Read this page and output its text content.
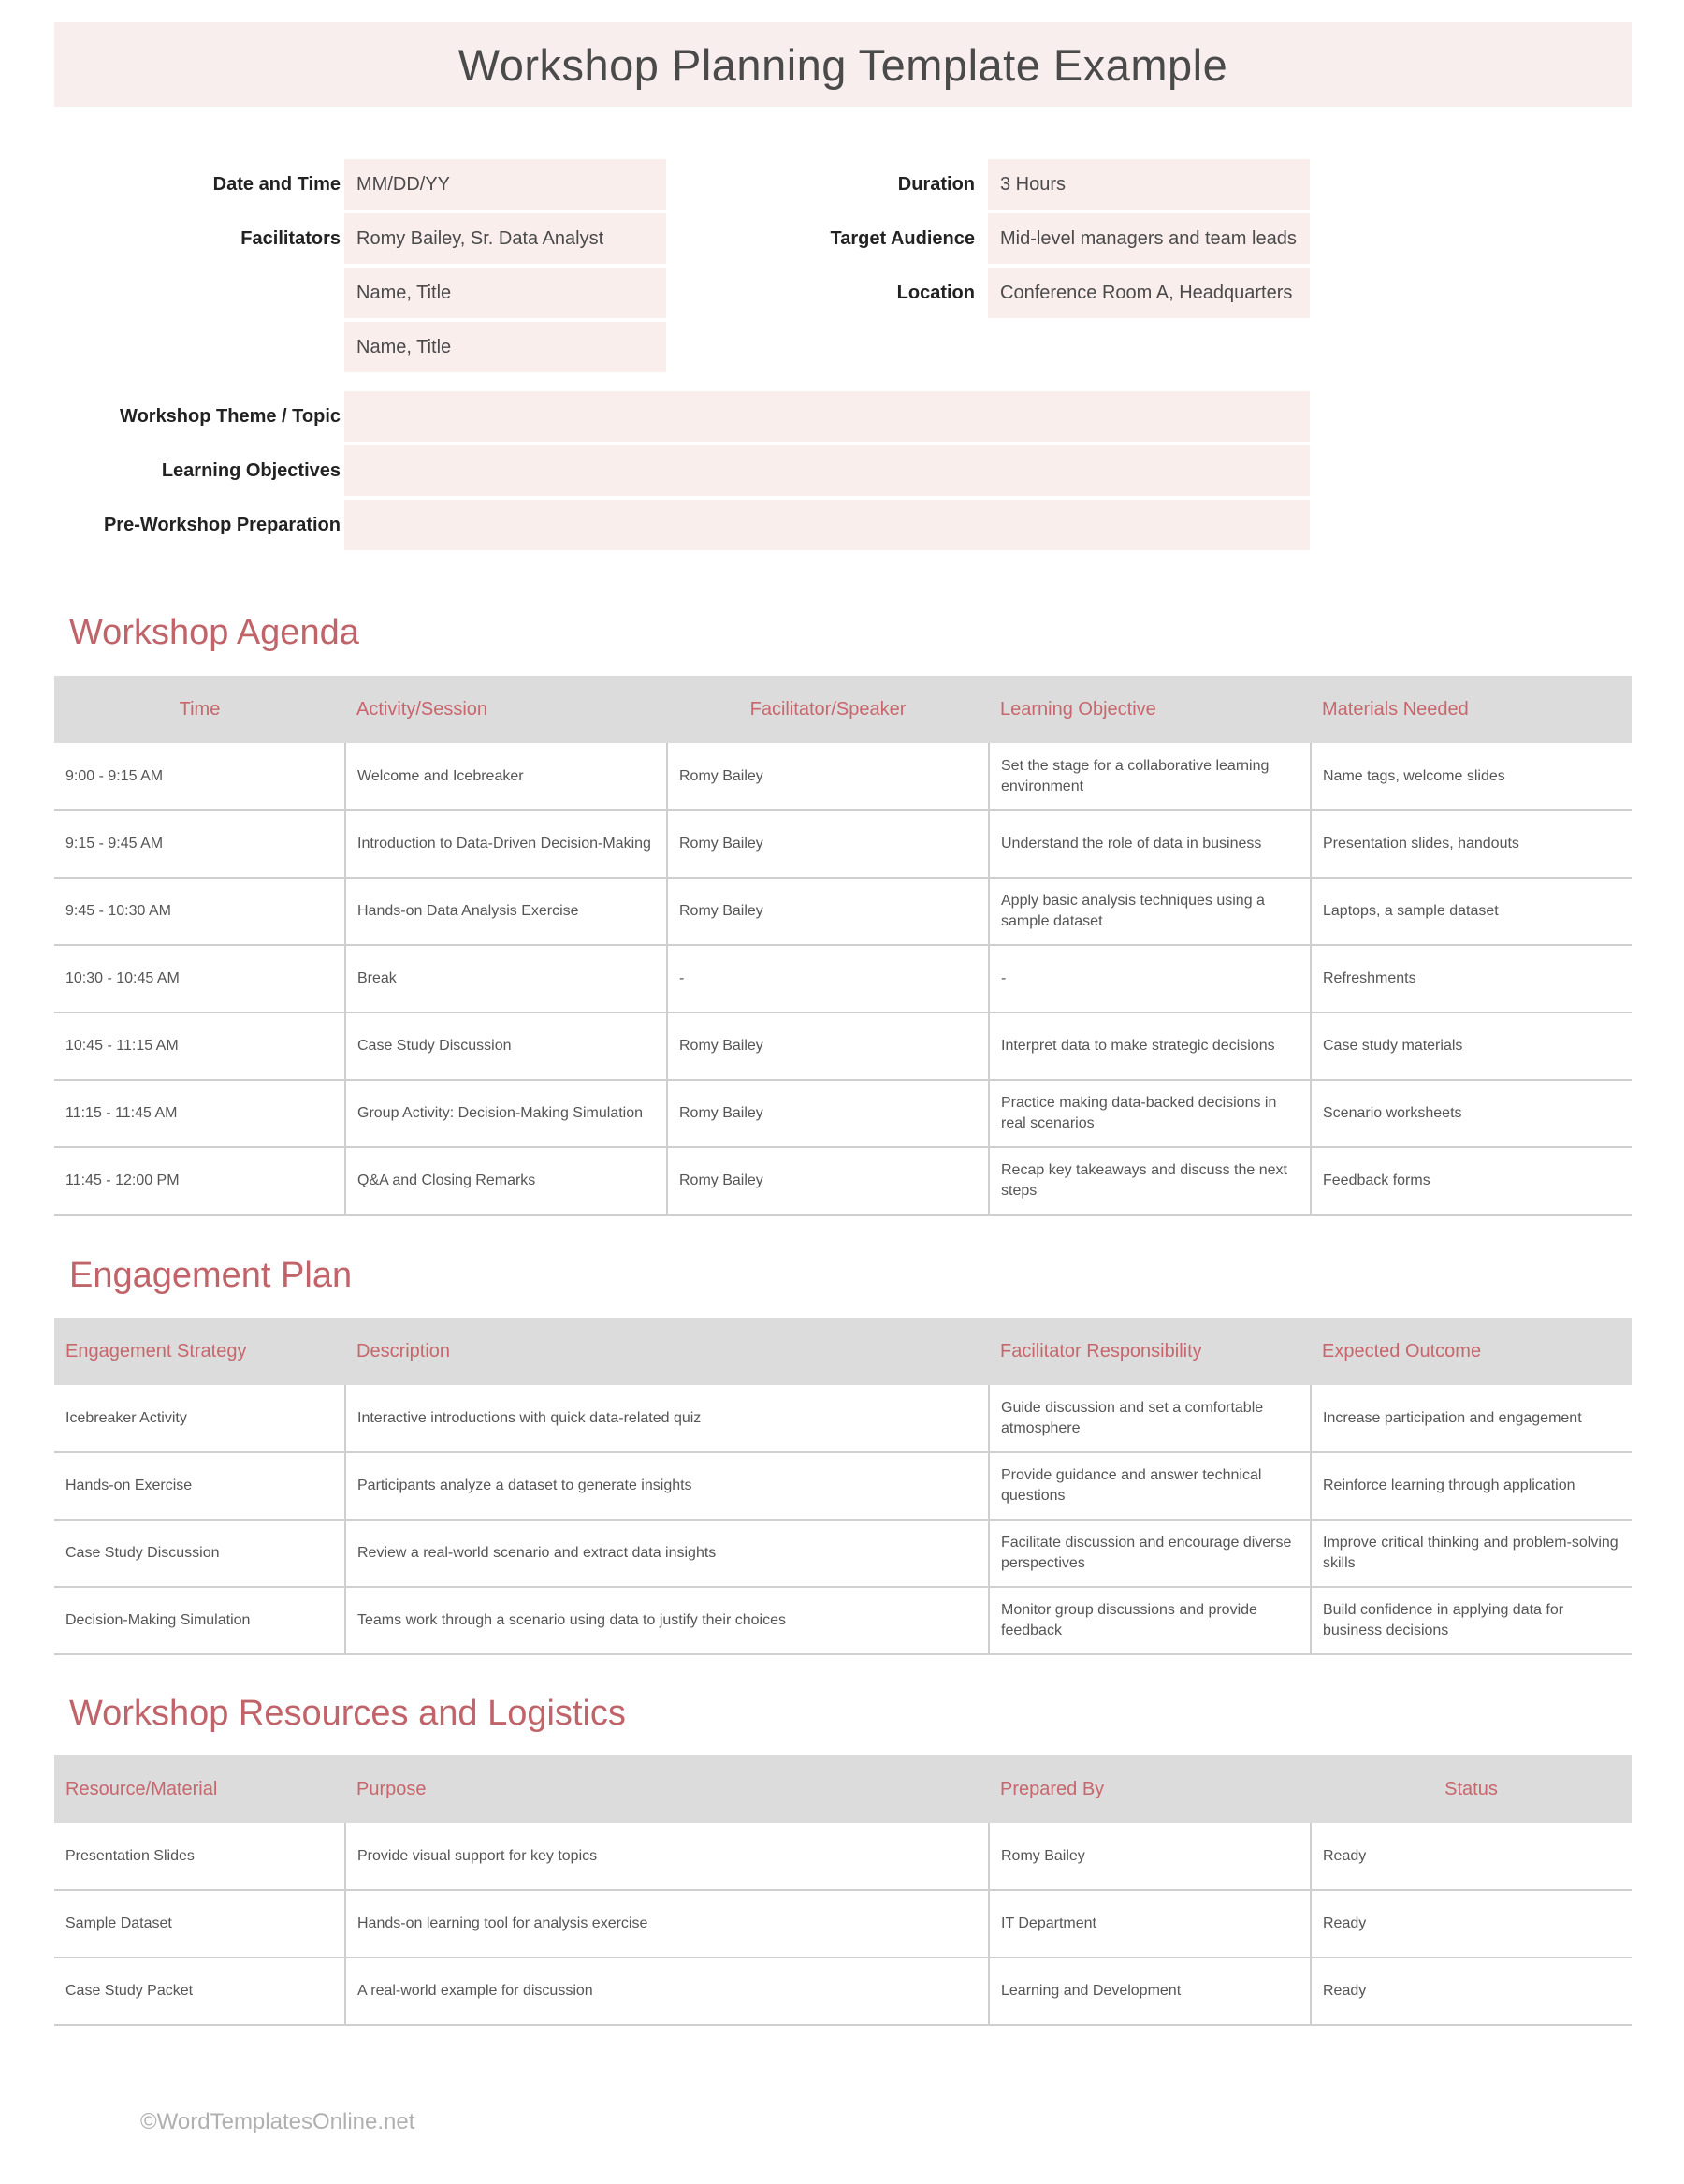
Workshop Planning Template Example
Date and Time MM/DD/YY
Facilitators Romy Bailey, Sr. Data Analyst
Name, Title
Name, Title
Duration	3 Hours
Target Audience	Mid-level managers and team leads
Location	Conference Room A, Headquarters
Workshop Theme / Topic
Learning Objectives
Pre-Workshop Preparation
Workshop Agenda
Time	Activity/Session	Facilitator/Speaker	Learning Objective	Materials Needed
9:00 - 9:15 AM	Welcome and Icebreaker	Romy Bailey	Set the stage for a collaborative learning environment	Name tags, welcome slides
9:15 - 9:45 AM	Introduction to Data-Driven Decision-Making	Romy Bailey	Understand the role of data in business	Presentation slides, handouts
9:45 - 10:30 AM	Hands-on Data Analysis Exercise	Romy Bailey	Apply basic analysis techniques using a sample dataset	Laptops, a sample dataset
10:30 - 10:45 AM	Break	-	-	Refreshments
10:45 - 11:15 AM	Case Study Discussion	Romy Bailey	Interpret data to make strategic decisions	Case study materials
11:15 - 11:45 AM	Group Activity: Decision-Making Simulation	Romy Bailey	Practice making data-backed decisions in real scenarios	Scenario worksheets
11:45 - 12:00 PM	Q&A and Closing Remarks	Romy Bailey	Recap key takeaways and discuss the next steps	Feedback forms
Engagement Plan
Engagement Strategy	Description	Facilitator Responsibility	Expected Outcome
Icebreaker Activity	Interactive introductions with quick data-related quiz	Guide discussion and set a comfortable atmosphere	Increase participation and engagement
Hands-on Exercise	Participants analyze a dataset to generate insights	Provide guidance and answer technical questions	Reinforce learning through application
Case Study Discussion	Review a real-world scenario and extract data insights	Facilitate discussion and encourage diverse perspectives	Improve critical thinking and problem-solving skills
Decision-Making Simulation	Teams work through a scenario using data to justify their choices	Monitor group discussions and provide feedback	Build confidence in applying data for business decisions
Workshop Resources and Logistics
Resource/Material	Purpose	Prepared By	Status
Presentation Slides	Provide visual support for key topics	Romy Bailey	Ready
Sample Dataset	Hands-on learning tool for analysis exercise	IT Department	Ready
Case Study Packet	A real-world example for discussion	Learning and Development	Ready
©WordTemplatesOnline.net
